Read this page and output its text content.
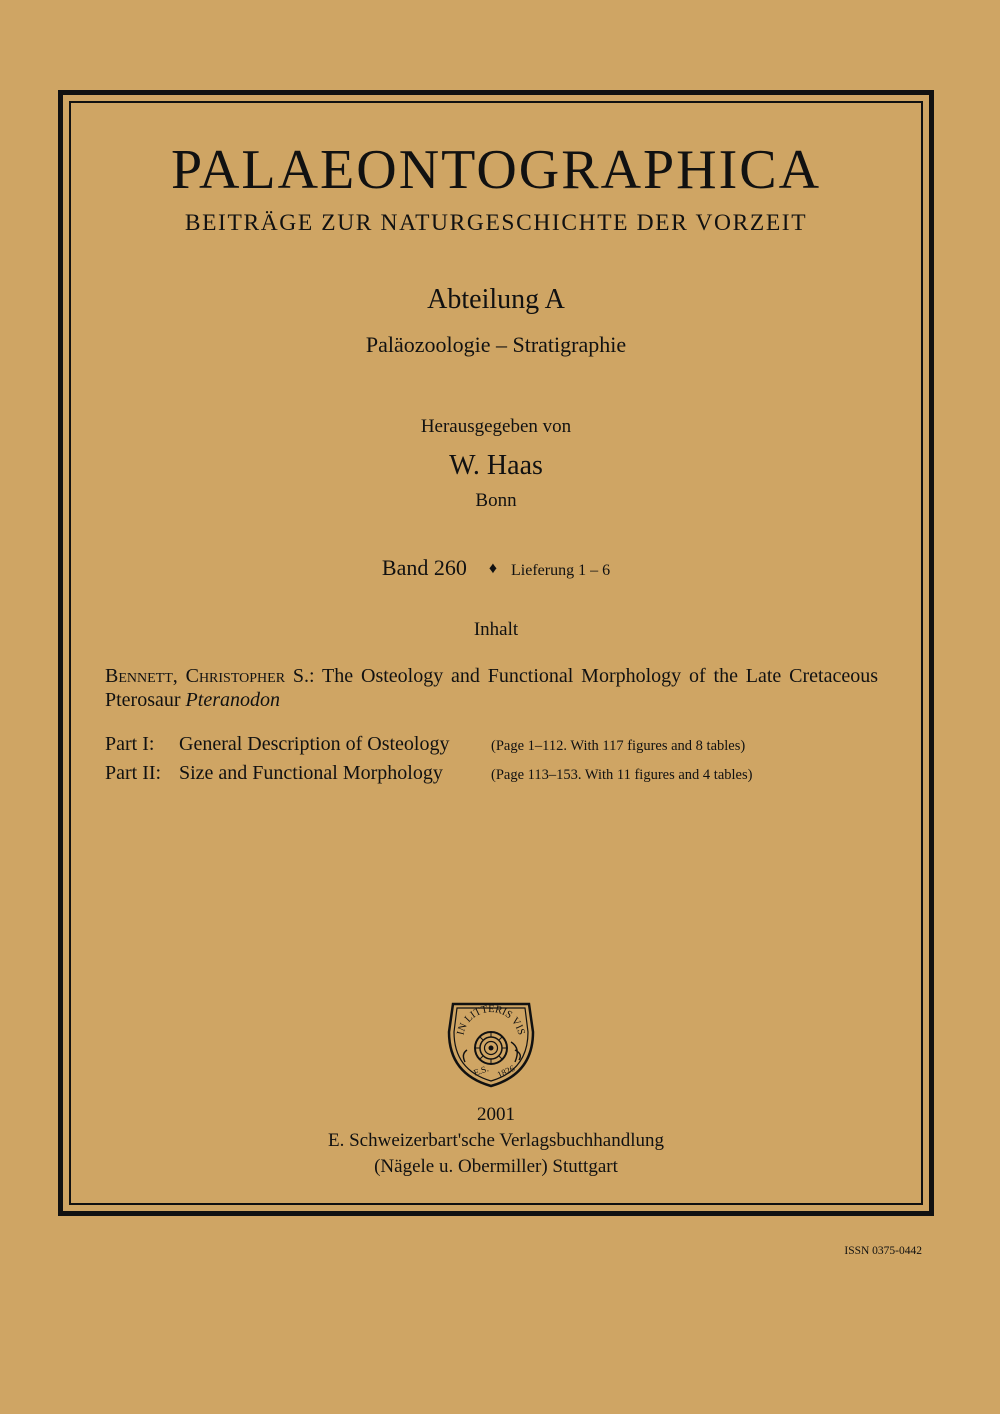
PALAEONTOGRAPHICA
BEITRÄGE ZUR NATURGESCHICHTE DER VORZEIT
Abteilung A
Paläozoologie – Stratigraphie
Herausgegeben von
W. Haas
Bonn
Band 260 ♦ Lieferung 1 – 6
Inhalt
Bennett, Christopher S.: The Osteology and Functional Morphology of the Late Cretaceous Pterosaur Pteranodon
Part I: General Description of Osteology	(Page 1–112. With 117 figures and 8 tables)
Part II: Size and Functional Morphology	(Page 113–153. With 11 figures and 4 tables)
IN LITTERIS VIS
E.S. 1826
2001
E. Schweizerbart'sche Verlagsbuchhandlung
(Nägele u. Obermiller) Stuttgart
ISSN 0375-0442
